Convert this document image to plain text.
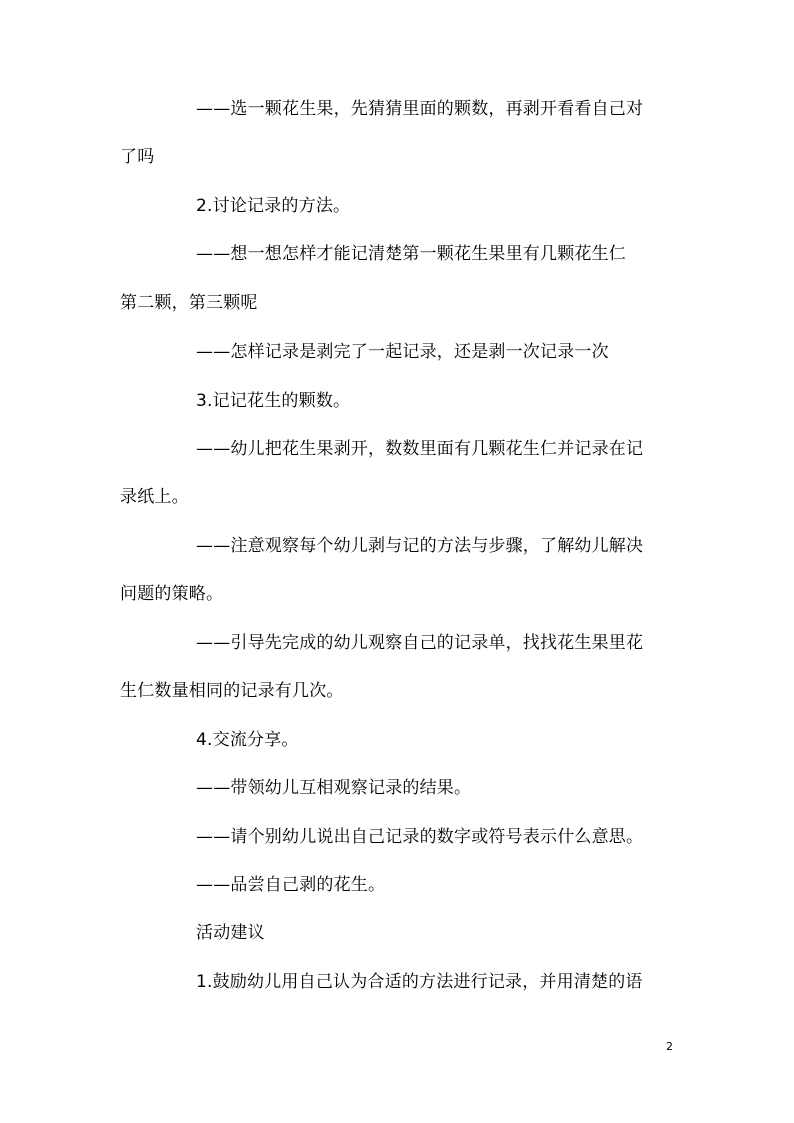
——选一颗花生果，先猜猜里面的颗数，再剥开看看自己对
了吗
2.讨论记录的方法。
——想一想怎样才能记清楚第一颗花生果里有几颗花生仁
第二颗，第三颗呢
——怎样记录是剥完了一起记录，还是剥一次记录一次
3.记记花生的颗数。
——幼儿把花生果剥开，数数里面有几颗花生仁并记录在记
录纸上。
——注意观察每个幼儿剥与记的方法与步骤，了解幼儿解决
问题的策略。
——引导先完成的幼儿观察自己的记录单，找找花生果里花
生仁数量相同的记录有几次。
4.交流分享。
——带领幼儿互相观察记录的结果。
——请个别幼儿说出自己记录的数字或符号表示什么意思。
——品尝自己剥的花生。
活动建议
1.鼓励幼儿用自己认为合适的方法进行记录，并用清楚的语
2
